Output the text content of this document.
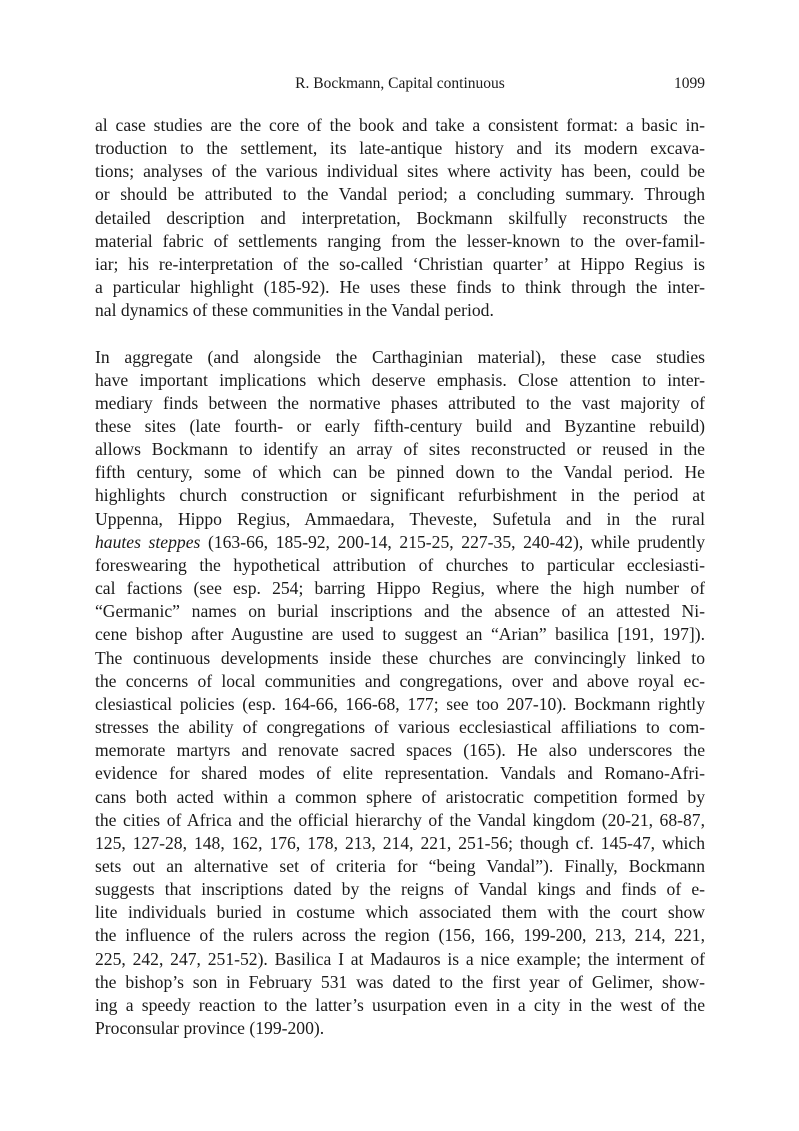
R. Bockmann, Capital continuous	1099

al case studies are the core of the book and take a consistent format: a basic in-
troduction to the settlement, its late-antique history and its modern excava-
tions; analyses of the various individual sites where activity has been, could be
or should be attributed to the Vandal period; a concluding summary. Through
detailed description and interpretation, Bockmann skilfully reconstructs the
material fabric of settlements ranging from the lesser-known to the over-famil-
iar; his re-interpretation of the so-called ‘Christian quarter’ at Hippo Regius is
a particular highlight (185-92). He uses these finds to think through the inter-
nal dynamics of these communities in the Vandal period.

In aggregate (and alongside the Carthaginian material), these case studies
have important implications which deserve emphasis. Close attention to inter-
mediary finds between the normative phases attributed to the vast majority of
these sites (late fourth- or early fifth-century build and Byzantine rebuild)
allows Bockmann to identify an array of sites reconstructed or reused in the
fifth century, some of which can be pinned down to the Vandal period. He
highlights church construction or significant refurbishment in the period at
Uppenna, Hippo Regius, Ammaedara, Theveste, Sufetula and in the rural
hautes steppes (163-66, 185-92, 200-14, 215-25, 227-35, 240-42), while prudently
foreswearing the hypothetical attribution of churches to particular ecclesiasti-
cal factions (see esp. 254; barring Hippo Regius, where the high number of
“Germanic” names on burial inscriptions and the absence of an attested Ni-
cene bishop after Augustine are used to suggest an “Arian” basilica [191, 197]).
The continuous developments inside these churches are convincingly linked to
the concerns of local communities and congregations, over and above royal ec-
clesiastical policies (esp. 164-66, 166-68, 177; see too 207-10). Bockmann rightly
stresses the ability of congregations of various ecclesiastical affiliations to com-
memorate martyrs and renovate sacred spaces (165). He also underscores the
evidence for shared modes of elite representation. Vandals and Romano-Afri-
cans both acted within a common sphere of aristocratic competition formed by
the cities of Africa and the official hierarchy of the Vandal kingdom (20-21, 68-87,
125, 127-28, 148, 162, 176, 178, 213, 214, 221, 251-56; though cf. 145-47, which
sets out an alternative set of criteria for “being Vandal”). Finally, Bockmann
suggests that inscriptions dated by the reigns of Vandal kings and finds of e-
lite individuals buried in costume which associated them with the court show
the influence of the rulers across the region (156, 166, 199-200, 213, 214, 221,
225, 242, 247, 251-52). Basilica I at Madauros is a nice example; the interment of
the bishop’s son in February 531 was dated to the first year of Gelimer, show-
ing a speedy reaction to the latter’s usurpation even in a city in the west of the
Proconsular province (199-200).
